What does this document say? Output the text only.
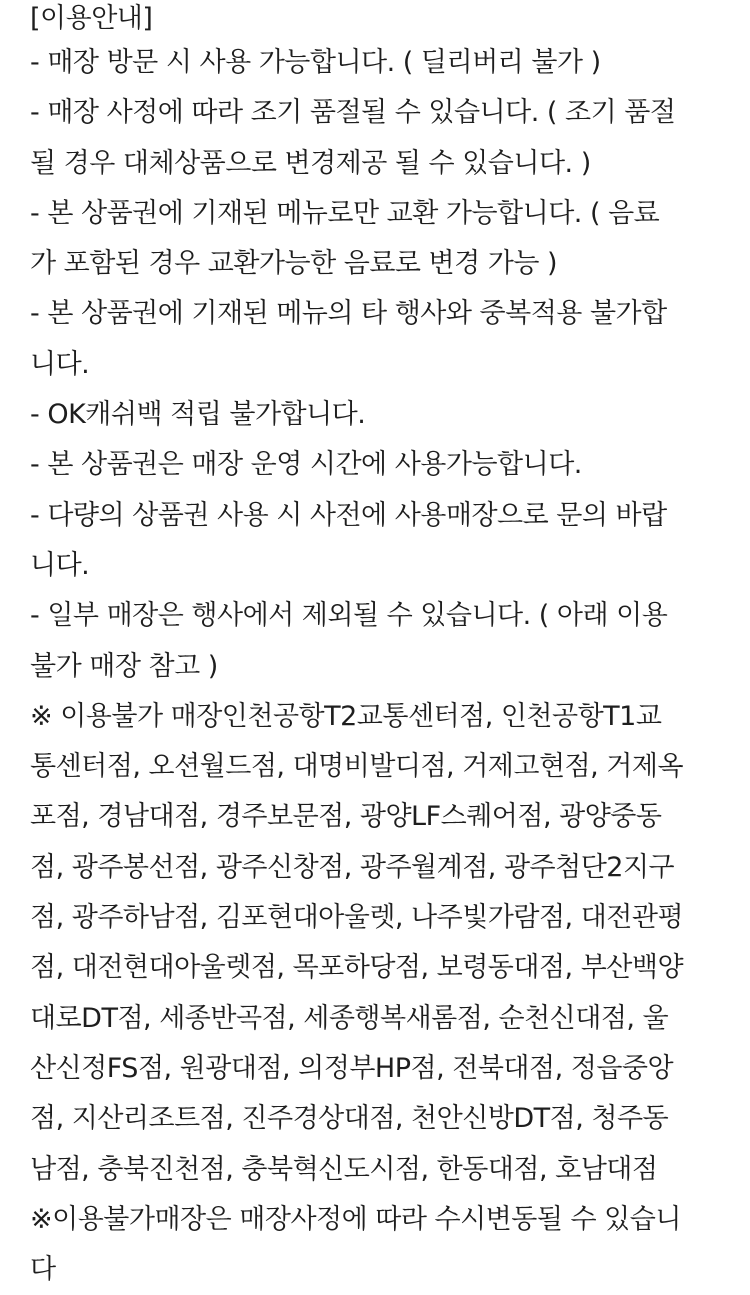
[이용안내]
- 매장 방문 시 사용 가능합니다. ( 딜리버리 불가 )
- 매장 사정에 따라 조기 품절될 수 있습니다. ( 조기 품절
될 경우 대체상품으로 변경제공 될 수 있습니다. )
- 본 상품권에 기재된 메뉴로만 교환 가능합니다. ( 음료
가 포함된 경우 교환가능한 음료로 변경 가능 )
- 본 상품권에 기재된 메뉴의 타 행사와 중복적용 불가합
니다.
- OK캐쉬백 적립 불가합니다.
- 본 상품권은 매장 운영 시간에 사용가능합니다.
- 다량의 상품권 사용 시 사전에 사용매장으로 문의 바랍
니다.
- 일부 매장은 행사에서 제외될 수 있습니다. ( 아래 이용
불가 매장 참고 )
※ 이용불가 매장인천공항T2교통센터점, 인천공항T1교
통센터점, 오션월드점, 대명비발디점, 거제고현점, 거제옥
포점, 경남대점, 경주보문점, 광양LF스퀘어점, 광양중동
점, 광주봉선점, 광주신창점, 광주월계점, 광주첨단2지구
점, 광주하남점, 김포현대아울렛, 나주빛가람점, 대전관평
점, 대전현대아울렛점, 목포하당점, 보령동대점, 부산백양
대로DT점, 세종반곡점, 세종행복새롬점, 순천신대점, 울
산신정FS점, 원광대점, 의정부HP점, 전북대점, 정읍중앙
점, 지산리조트점, 진주경상대점, 천안신방DT점, 청주동
남점, 충북진천점, 충북혁신도시점, 한동대점, 호남대점
※이용불가매장은 매장사정에 따라 수시변동될 수 있습니
다
